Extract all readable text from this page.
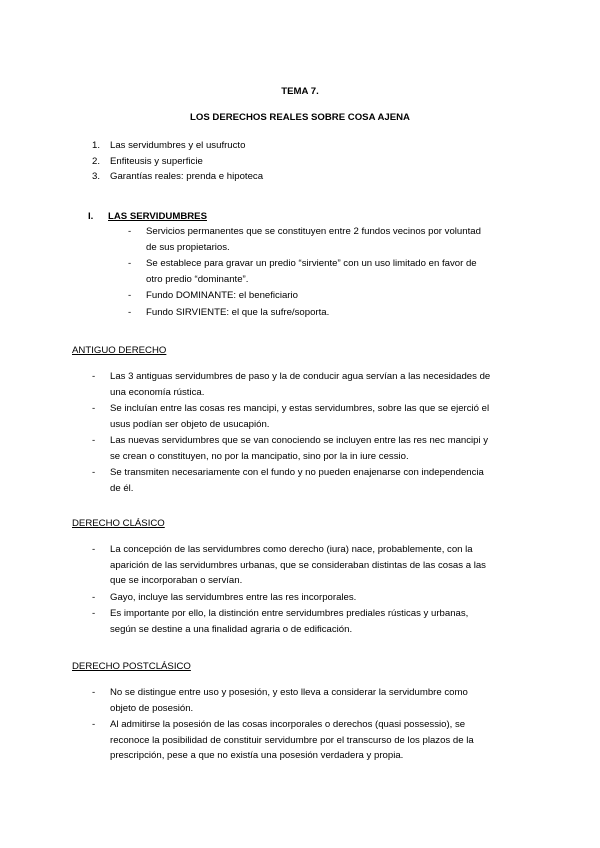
TEMA 7.
LOS DERECHOS REALES SOBRE COSA AJENA
1. Las servidumbres y el usufructo
2. Enfiteusis y superficie
3. Garantías reales: prenda e hipoteca
I. LAS SERVIDUMBRES
- Servicios permanentes que se constituyen entre 2 fundos vecinos por voluntad
de sus propietarios.
- Se establece para gravar un predio “sirviente” con un uso limitado en favor de
otro predio “dominante”.
- Fundo DOMINANTE: el beneficiario
- Fundo SIRVIENTE: el que la sufre/soporta.
ANTIGUO DERECHO
- Las 3 antiguas servidumbres de paso y la de conducir agua servían a las necesidades de
una economía rústica.
- Se incluían entre las cosas res mancipi, y estas servidumbres, sobre las que se ejerció el
usus podían ser objeto de usucapión.
- Las nuevas servidumbres que se van conociendo se incluyen entre las res nec mancipi y
se crean o constituyen, no por la mancipatio, sino por la in iure cessio.
- Se transmiten necesariamente con el fundo y no pueden enajenarse con independencia
de él.
DERECHO CLÁSICO
- La concepción de las servidumbres como derecho (iura) nace, probablemente, con la
aparición de las servidumbres urbanas, que se consideraban distintas de las cosas a las
que se incorporaban o servían.
- Gayo, incluye las servidumbres entre las res incorporales.
- Es importante por ello, la distinción entre servidumbres prediales rústicas y urbanas,
según se destine a una finalidad agraria o de edificación.
DERECHO POSTCLÁSICO
- No se distingue entre uso y posesión, y esto lleva a considerar la servidumbre como
objeto de posesión.
- Al admitirse la posesión de las cosas incorporales o derechos (quasi possessio), se
reconoce la posibilidad de constituir servidumbre por el transcurso de los plazos de la
prescripción, pese a que no existía una posesión verdadera y propia.
